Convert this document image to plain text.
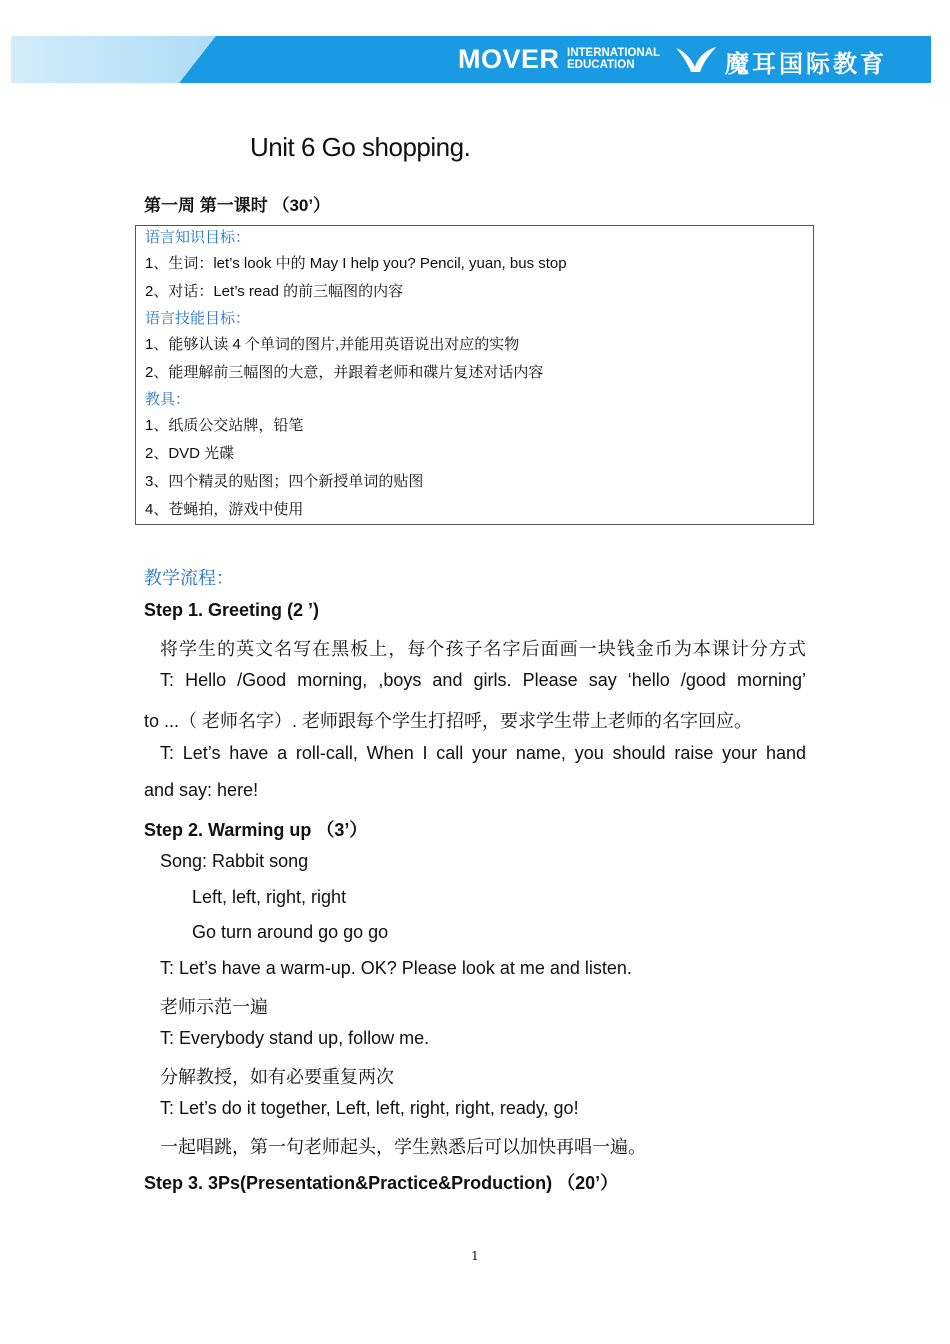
MOVER INTERNATIONAL
EDUCATION	魔耳国际教育
Unit 6 Go shopping.
第一周 第一课时 （30’）
语言知识目标：
1、生词：let’s look 中的 May I help you? Pencil, yuan, bus stop
2、对话：Let’s read 的前三幅图的内容
语言技能目标：
1、能够认读 4 个单词的图片,并能用英语说出对应的实物
2、能理解前三幅图的大意，并跟着老师和碟片复述对话内容
教具：
1、纸质公交站牌，铅笔
2、DVD 光碟
3、四个精灵的贴图；四个新授单词的贴图
4、苍蝇拍，游戏中使用
教学流程：
Step 1. Greeting (2 ’)
将学生的英文名写在黑板上，每个孩子名字后面画一块钱金币为本课计分方式
T: Hello /Good morning, ,boys and girls. Please say ‘hello /good morning’
to ...（ 老师名字）. 老师跟每个学生打招呼，要求学生带上老师的名字回应。
T: Let’s have a roll-call, When I call your name, you should raise your hand
and say: here!
Step 2. Warming up （3’）
Song: Rabbit song
Left, left, right, right
Go turn around go go go
T: Let’s have a warm-up. OK? Please look at me and listen.
老师示范一遍
T: Everybody stand up, follow me.
分解教授，如有必要重复两次
T: Let’s do it together, Left, left, right, right, ready, go!
一起唱跳，第一句老师起头，学生熟悉后可以加快再唱一遍。
Step 3. 3Ps(Presentation&Practice&Production) （20’）
1
